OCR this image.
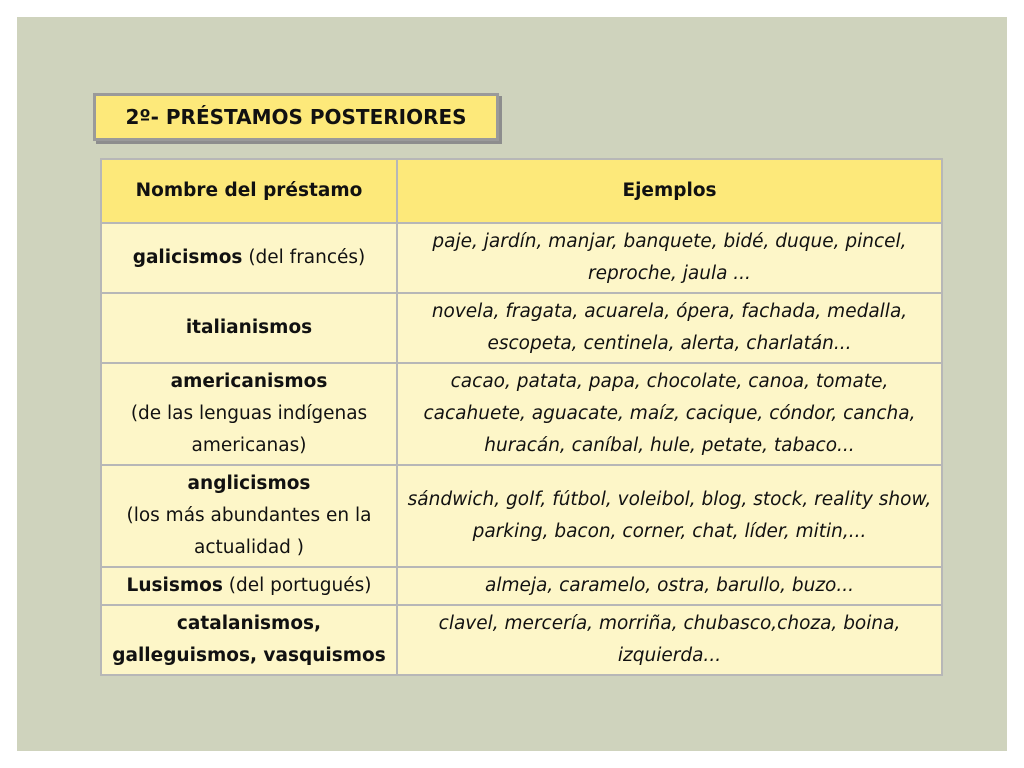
2º- PRÉSTAMOS POSTERIORES
Nombre del préstamo	Ejemplos
galicismos (del francés)	paje, jardín, manjar, banquete, bidé, duque, pincel, reproche, jaula ...
italianismos	novela, fragata, acuarela, ópera, fachada, medalla, escopeta, centinela, alerta, charlatán...

americanismos
(de las lenguas indígenas americanas)	cacao, patata, papa, chocolate, canoa, tomate, cacahuete, aguacate, maíz, cacique, cóndor, cancha, huracán, caníbal, hule, petate, tabaco...

anglicismos
(los más abundantes en la actualidad )	sándwich, golf, fútbol, voleibol, blog, stock, reality show, parking, bacon, corner, chat, líder, mitin,...
Lusismos (del portugués)	almeja, caramelo, ostra, barullo, buzo...
catalanismos, galleguismos, vasquismos	clavel, mercería, morriña, chubasco,choza, boina, izquierda...
